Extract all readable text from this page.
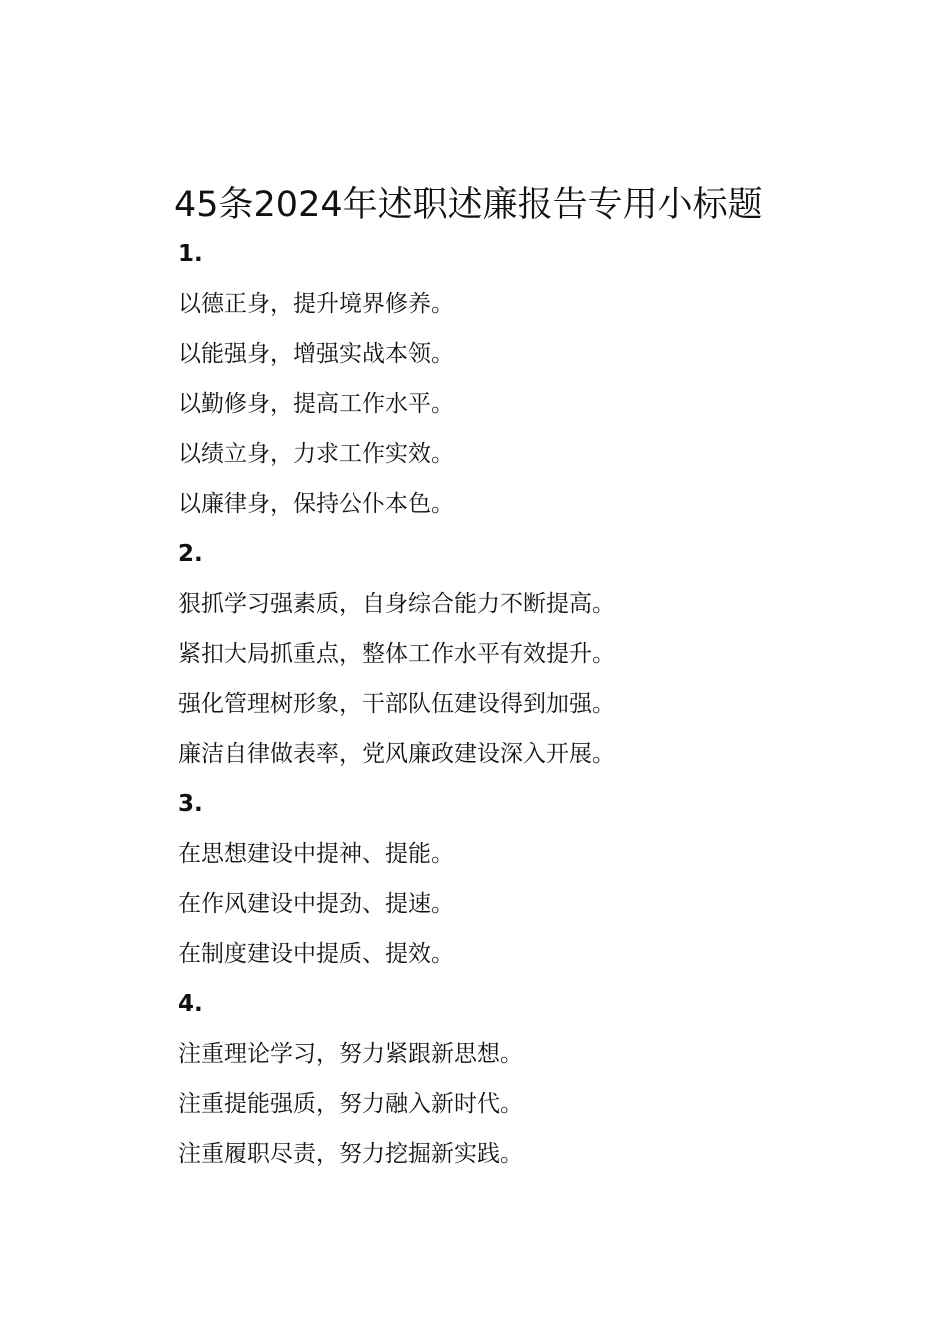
45条2024年述职述廉报告专用小标题

1.

以德正身，提升境界修养。

以能强身，增强实战本领。

以勤修身，提高工作水平。

以绩立身，力求工作实效。

以廉律身，保持公仆本色。

2.

狠抓学习强素质，自身综合能力不断提高。

紧扣大局抓重点，整体工作水平有效提升。

强化管理树形象，干部队伍建设得到加强。

廉洁自律做表率，党风廉政建设深入开展。

3.

在思想建设中提神、提能。

在作风建设中提劲、提速。

在制度建设中提质、提效。

4.

注重理论学习，努力紧跟新思想。

注重提能强质，努力融入新时代。

注重履职尽责，努力挖掘新实践。
